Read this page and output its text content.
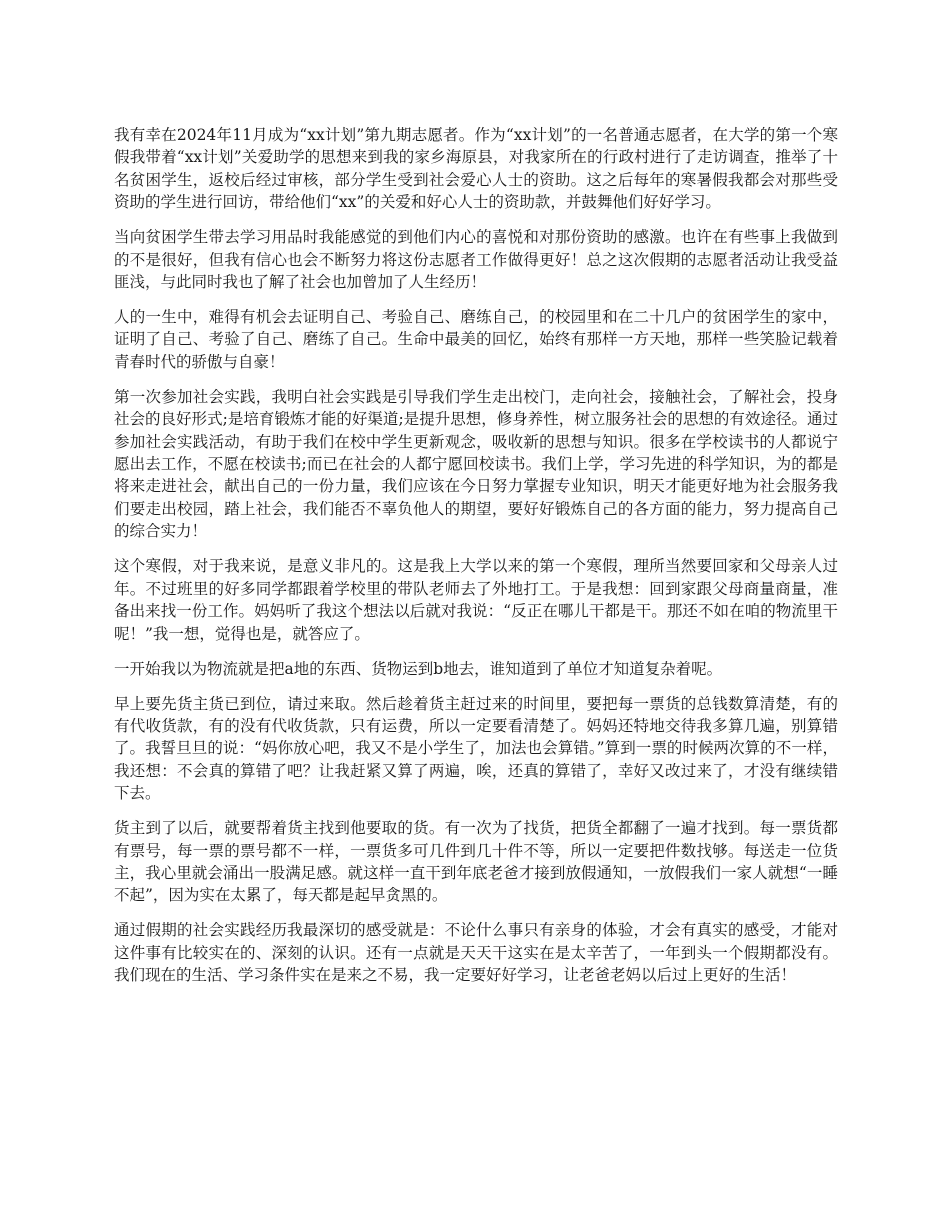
我有幸在2024年11月成为“xx计划”第九期志愿者。作为“xx计划”的一名普通志愿者，在大学的第一个寒假我带着“xx计划”关爱助学的思想来到我的家乡海原县，对我家所在的行政村进行了走访调查，推举了十名贫困学生，返校后经过审核，部分学生受到社会爱心人士的资助。这之后每年的寒暑假我都会对那些受资助的学生进行回访，带给他们“xx”的关爱和好心人士的资助款，并鼓舞他们好好学习。

当向贫困学生带去学习用品时我能感觉的到他们内心的喜悦和对那份资助的感激。也许在有些事上我做到的不是很好，但我有信心也会不断努力将这份志愿者工作做得更好！总之这次假期的志愿者活动让我受益匪浅，与此同时我也了解了社会也加曾加了人生经历！

人的一生中，难得有机会去证明自己、考验自己、磨练自己，的校园里和在二十几户的贫困学生的家中，证明了自己、考验了自己、磨练了自己。生命中最美的回忆，始终有那样一方天地，那样一些笑脸记载着青春时代的骄傲与自豪！

第一次参加社会实践，我明白社会实践是引导我们学生走出校门，走向社会，接触社会，了解社会，投身社会的良好形式;是培育锻炼才能的好渠道;是提升思想，修身养性，树立服务社会的思想的有效途径。通过参加社会实践活动，有助于我们在校中学生更新观念，吸收新的思想与知识。很多在学校读书的人都说宁愿出去工作，不愿在校读书;而已在社会的人都宁愿回校读书。我们上学，学习先进的科学知识，为的都是将来走进社会，献出自己的一份力量，我们应该在今日努力掌握专业知识，明天才能更好地为社会服务我们要走出校园，踏上社会，我们能否不辜负他人的期望，要好好锻炼自己的各方面的能力，努力提高自己的综合实力！

这个寒假，对于我来说，是意义非凡的。这是我上大学以来的第一个寒假，理所当然要回家和父母亲人过年。不过班里的好多同学都跟着学校里的带队老师去了外地打工。于是我想：回到家跟父母商量商量，准备出来找一份工作。妈妈听了我这个想法以后就对我说：“反正在哪儿干都是干。那还不如在咱的物流里干呢！”我一想，觉得也是，就答应了。

一开始我以为物流就是把a地的东西、货物运到b地去，谁知道到了单位才知道复杂着呢。

早上要先货主货已到位，请过来取。然后趁着货主赶过来的时间里，要把每一票货的总钱数算清楚，有的有代收货款，有的没有代收货款，只有运费，所以一定要看清楚了。妈妈还特地交待我多算几遍，别算错了。我誓旦旦的说：“妈你放心吧，我又不是小学生了，加法也会算错。”算到一票的时候两次算的不一样，我还想：不会真的算错了吧？让我赶紧又算了两遍，唉，还真的算错了，幸好又改过来了，才没有继续错下去。

货主到了以后，就要帮着货主找到他要取的货。有一次为了找货，把货全都翻了一遍才找到。每一票货都有票号，每一票的票号都不一样，一票货多可几件到几十件不等，所以一定要把件数找够。每送走一位货主，我心里就会涌出一股满足感。就这样一直干到年底老爸才接到放假通知，一放假我们一家人就想“一睡不起”，因为实在太累了，每天都是起早贪黑的。

通过假期的社会实践经历我最深切的感受就是：不论什么事只有亲身的体验，才会有真实的感受，才能对这件事有比较实在的、深刻的认识。还有一点就是天天干这实在是太辛苦了，一年到头一个假期都没有。我们现在的生活、学习条件实在是来之不易，我一定要好好学习，让老爸老妈以后过上更好的生活！
